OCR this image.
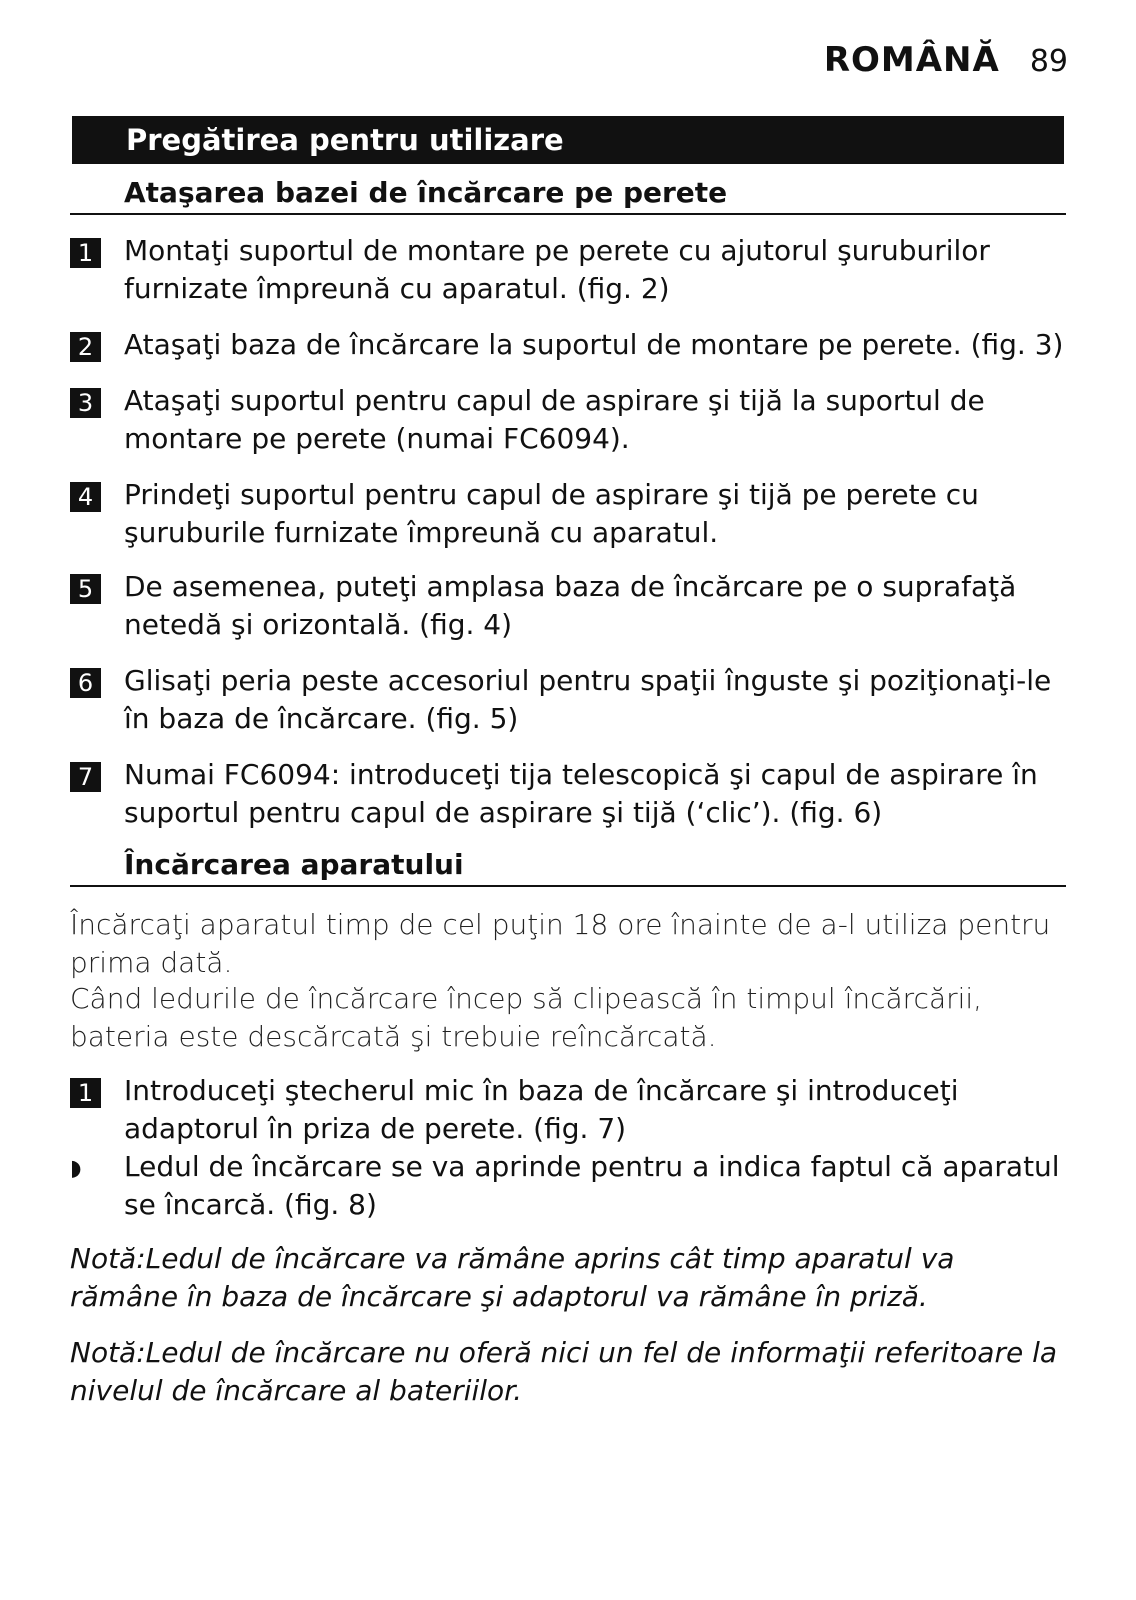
ROMÂNĂ 89
Pregătirea pentru utilizare
Ataşarea bazei de încărcare pe perete
1 Montaţi suportul de montare pe perete cu ajutorul şuruburilor furnizate împreună cu aparatul. (fig. 2)
2 Ataşaţi baza de încărcare la suportul de montare pe perete. (fig. 3)
3 Ataşaţi suportul pentru capul de aspirare şi tijă la suportul de montare pe perete (numai FC6094).
4 Prindeţi suportul pentru capul de aspirare şi tijă pe perete cu şuruburile furnizate împreună cu aparatul.
5 De asemenea, puteţi amplasa baza de încărcare pe o suprafaţă netedă şi orizontală. (fig. 4)
6 Glisaţi peria peste accesoriul pentru spaţii înguste şi poziţionaţi-le în baza de încărcare. (fig. 5)
7 Numai FC6094: introduceţi tija telescopică şi capul de aspirare în suportul pentru capul de aspirare şi tijă (‘clic’). (fig. 6)
Încărcarea aparatului
Încărcaţi aparatul timp de cel puţin 18 ore înainte de a-l utiliza pentru prima dată.
Când ledurile de încărcare încep să clipească în timpul încărcării, bateria este descărcată şi trebuie reîncărcată.
1 Introduceţi ştecherul mic în baza de încărcare şi introduceţi adaptorul în priza de perete. (fig. 7)
◗ Ledul de încărcare se va aprinde pentru a indica faptul că aparatul se încarcă. (fig. 8)
Notă:Ledul de încărcare va rămâne aprins cât timp aparatul va rămâne în baza de încărcare şi adaptorul va rămâne în priză.
Notă:Ledul de încărcare nu oferă nici un fel de informaţii referitoare la nivelul de încărcare al bateriilor.
